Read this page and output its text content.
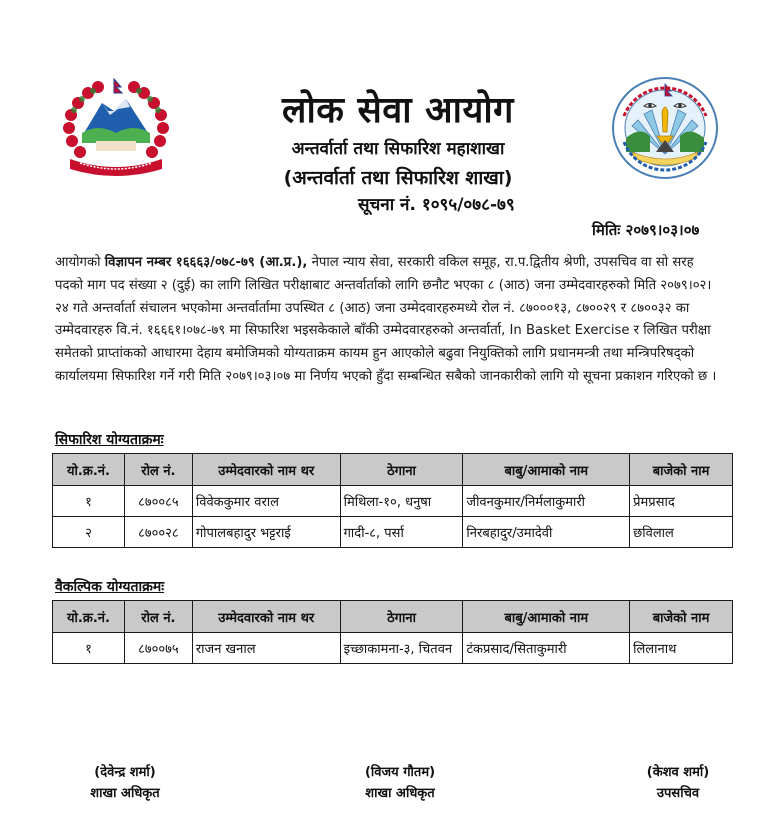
लोक सेवा आयोग
अन्तर्वार्ता तथा सिफारिश महाशाखा
(अन्तर्वार्ता तथा सिफारिश शाखा)
सूचना नं. १०९५/०७८-७९
मितिः २०७९।०३।०७
आयोगको विज्ञापन नम्बर १६६६३/०७८-७९ (आ.प्र.), नेपाल न्याय सेवा, सरकारी वकिल समूह, रा.प.द्वितीय श्रेणी, उपसचिव वा सो सरह पदको माग पद संख्या २ (दुई) का लागि लिखित परीक्षाबाट अन्तर्वार्ताको लागि छनौट भएका ८ (आठ) जना उम्मेदवारहरुको मिति २०७९।०२।२४ गते अन्तर्वार्ता संचालन भएकोमा अन्तर्वार्तामा उपस्थित ८ (आठ) जना उम्मेदवारहरुमध्ये रोल नं. ८७०००१३, ८७००२९ र ८७००३२ का उम्मेदवारहरु वि.नं. १६६६१।०७८-७९ मा सिफारिश भइसकेकाले बाँकी उम्मेदवारहरुको अन्तर्वार्ता, In Basket Exercise र लिखित परीक्षा समेतको प्राप्तांकको आधारमा देहाय बमोजिमको योग्यताक्रम कायम हुन आएकोले बढुवा नियुक्तिको लागि प्रधानमन्त्री तथा मन्त्रिपरिषद्को कार्यालयमा सिफारिश गर्ने गरी मिति २०७९।०३।०७ मा निर्णय भएको हुँदा सम्बन्धित सबैको जानकारीको लागि यो सूचना प्रकाशन गरिएको छ ।
सिफारिश योग्यताक्रमः
यो.क्र.नं.	रोल नं.	उम्मेदवारको नाम थर	ठेगाना	बाबु/आमाको नाम	बाजेको नाम
१	८७००८५	विवेककुमार वराल	मिथिला-१०, धनुषा	जीवनकुमार/निर्मलाकुमारी	प्रेमप्रसाद
२	८७००२८	गोपालबहादुर भट्टराई	गादी-८, पर्सा	निरबहादुर/उमादेवी	छविलाल
वैकल्पिक योग्यताक्रमः
यो.क्र.नं.	रोल नं.	उम्मेदवारको नाम थर	ठेगाना	बाबु/आमाको नाम	बाजेको नाम
१	८७००७५	राजन खनाल	इच्छाकामना-३, चितवन	टंकप्रसाद/सिताकुमारी	लिलानाथ
(देवेन्द्र शर्मा)
शाखा अधिकृत
(विजय गौतम)
शाखा अधिकृत
(केशव शर्मा)
उपसचिव
